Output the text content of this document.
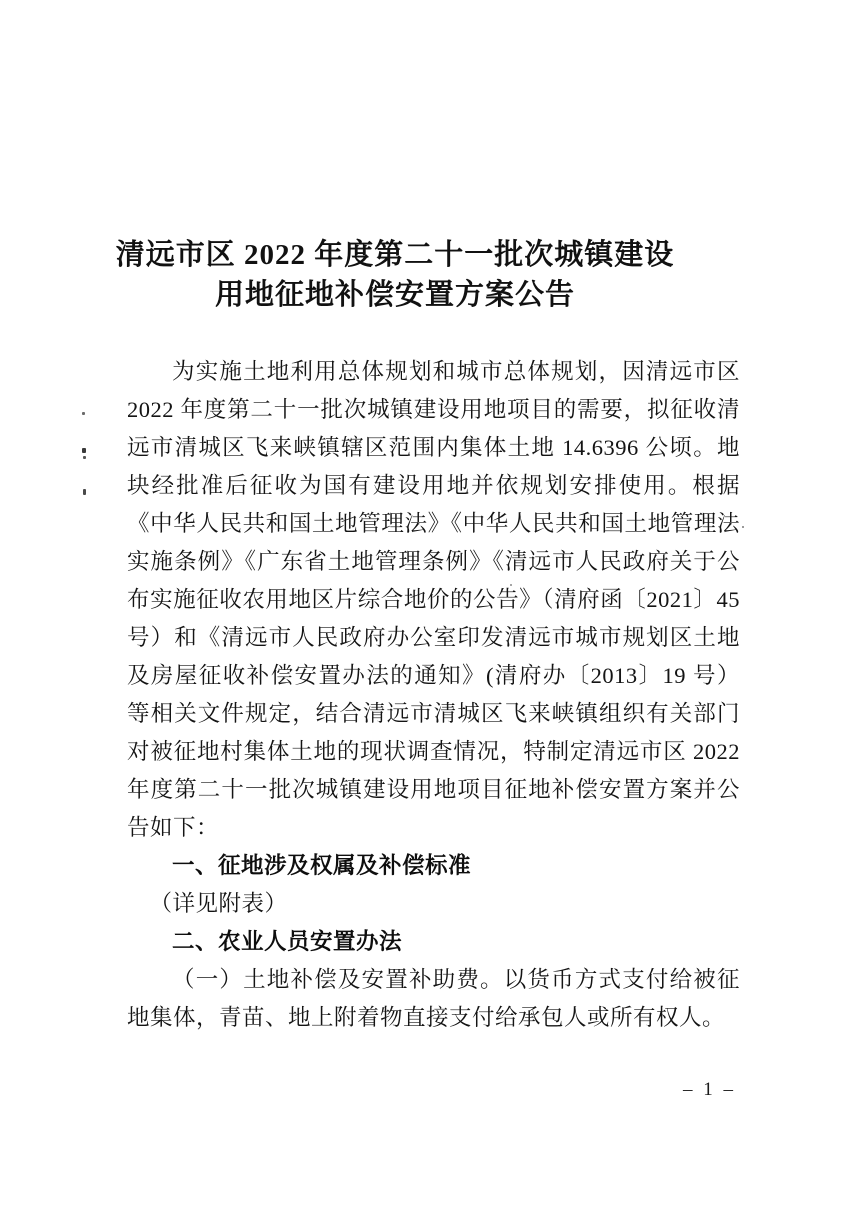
清远市区 2022 年度第二十一批次城镇建设
用地征地补偿安置方案公告

为实施土地利用总体规划和城市总体规划，因清远市区 2022 年度第二十一批次城镇建设用地项目的需要，拟征收清远市清城区飞来峡镇辖区范围内集体土地 14.6396 公顷。地块经批准后征收为国有建设用地并依规划安排使用。根据《中华人民共和国土地管理法》《中华人民共和国土地管理法实施条例》《广东省土地管理条例》《清远市人民政府关于公布实施征收农用地区片综合地价的公告》（清府函〔2021〕45 号）和《清远市人民政府办公室印发清远市城市规划区土地及房屋征收补偿安置办法的通知》(清府办〔2013〕19 号）等相关文件规定，结合清远市清城区飞来峡镇组织有关部门对被征地村集体土地的现状调查情况，特制定清远市区 2022 年度第二十一批次城镇建设用地项目征地补偿安置方案并公告如下：

一、征地涉及权属及补偿标准

（详见附表）

二、农业人员安置办法

（一）土地补偿及安置补助费。以货币方式支付给被征地集体，青苗、地上附着物直接支付给承包人或所有权人。

– 1 –
